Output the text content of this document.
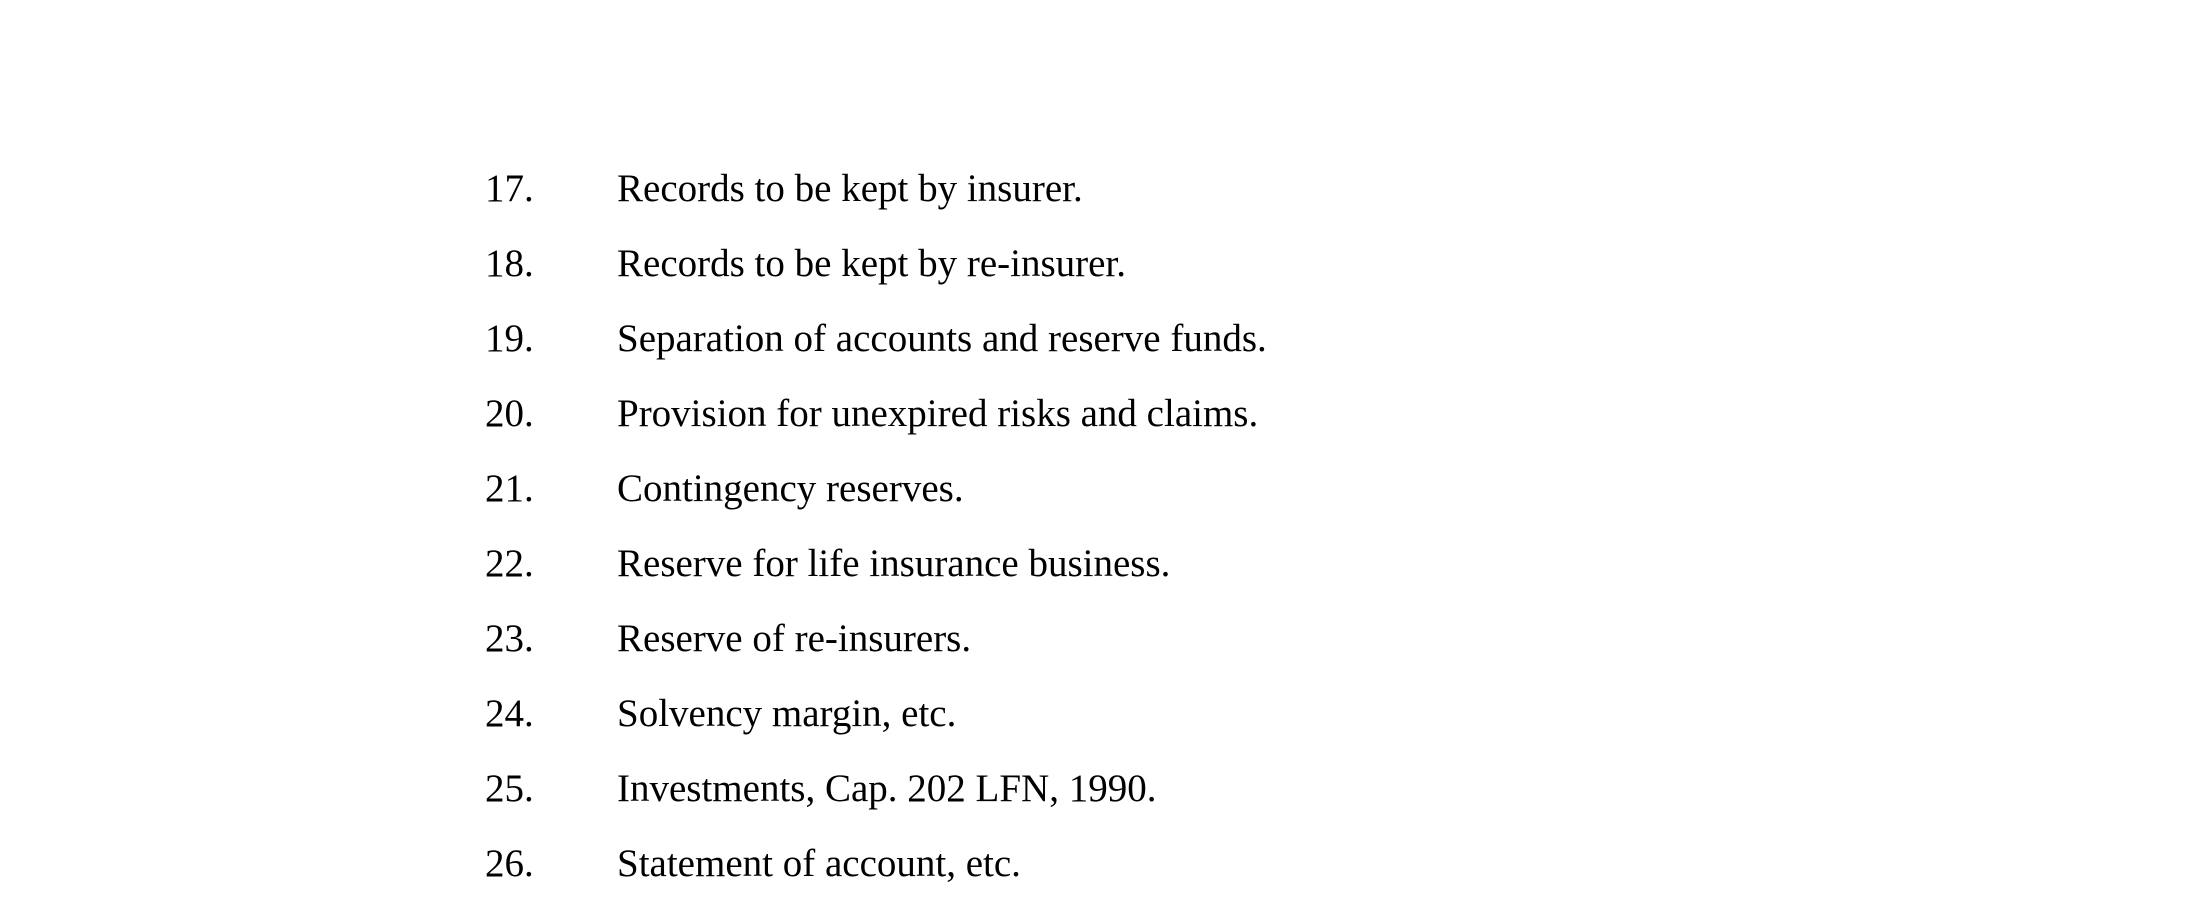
17. Records to be kept by insurer.
18. Records to be kept by re-insurer.
19. Separation of accounts and reserve funds.
20. Provision for unexpired risks and claims.
21. Contingency reserves.
22. Reserve for life insurance business.
23. Reserve of re-insurers.
24. Solvency margin, etc.
25. Investments, Cap. 202 LFN, 1990.
26. Statement of account, etc.
